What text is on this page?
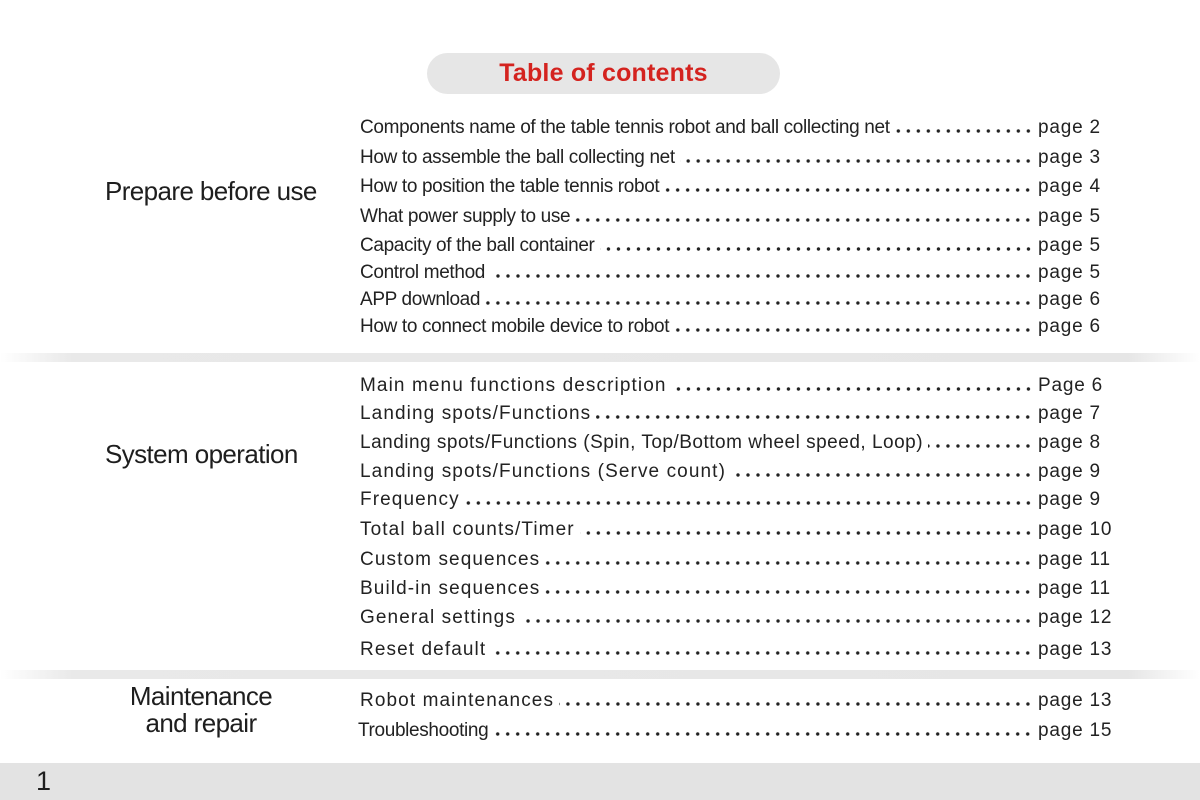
Table of contents
Prepare before use
System operation
Maintenance
and repair
Components name of the table tennis robot and ball collecting net	page 2
How to assemble the ball collecting net	page 3
How to position the table tennis robot	page 4
What power supply to use	page 5
Capacity of the ball container	page 5
Control method	page 5
APP download	page 6
How to connect mobile device to robot	page 6
Main menu functions description	Page 6
Landing spots/Functions	page 7
Landing spots/Functions (Spin, Top/Bottom wheel speed, Loop)	page 8
Landing spots/Functions (Serve count)	page 9
Frequency	page 9
Total ball counts/Timer	page 10
Custom sequences	page 11
Build-in sequences	page 11
General settings	page 12
Reset default	page 13
Robot maintenances	page 13
Troubleshooting	page 15
1
